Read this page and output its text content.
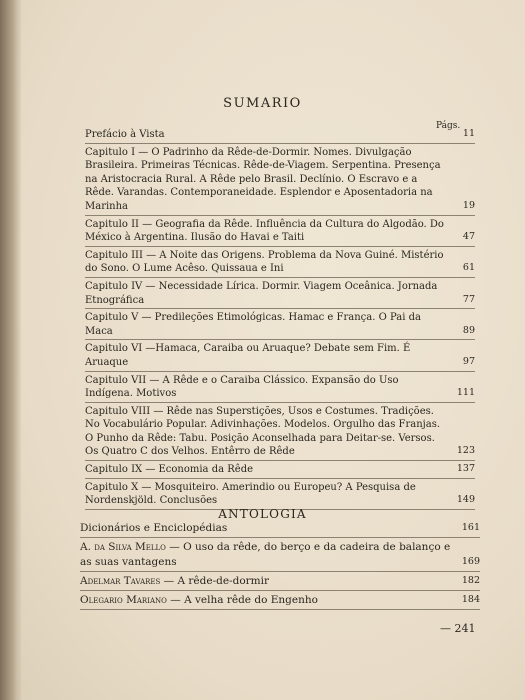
SUMARIO
Págs.
Prefácio à Vista	11
Capitulo I — O Padrinho da Rêde-de-Dormir. Nomes. Divulgação Brasileira. Primeiras Técnicas. Rêde-de-Viagem. Serpentina. Presença na Aristocracia Rural. A Rêde pelo Brasil. Declínio. O Escravo e a Rêde. Varandas. Contemporaneidade. Esplendor e Aposentadoria na Marinha	19
Capitulo II — Geografia da Rêde. Influência da Cultura do Algodão. Do México à Argentina. Ilusão do Havai e Taiti	47
Capitulo III — A Noite das Origens. Problema da Nova Guiné. Mistério do Sono. O Lume Acêso. Quissaua e Ini	61
Capitulo IV — Necessidade Lírica. Dormir. Viagem Oceânica. Jornada Etnográfica	77
Capitulo V — Predileções Etimológicas. Hamac e França. O Pai da Maca	89
Capitulo VI —Hamaca, Caraiba ou Aruaque? Debate sem Fim. É Aruaque	97
Capitulo VII — A Rêde e o Caraiba Clássico. Expansão do Uso Indígena. Motivos	111
Capitulo VIII — Rêde nas Superstições, Usos e Costumes. Tradições. No Vocabulário Popular. Adivinhações. Modelos. Orgulho das Franjas. O Punho da Rêde: Tabu. Posição Aconselhada para Deitar-se. Versos. Os Quatro C dos Velhos. Entêrro de Rêde	123
Capitulo IX — Economia da Rêde	137
Capitulo X — Mosquiteiro. Amerindio ou Europeu? A Pesquisa de Nordenskjöld. Conclusões	149
ANTOLOGIA
Dicionários e Enciclopédias	161
A. da Silva Mello — O uso da rêde, do berço e da cadeira de balanço e as suas vantagens	169
Adelmar Tavares — A rêde-de-dormir	182
Olegario Mariano — A velha rêde do Engenho	184
— 241
